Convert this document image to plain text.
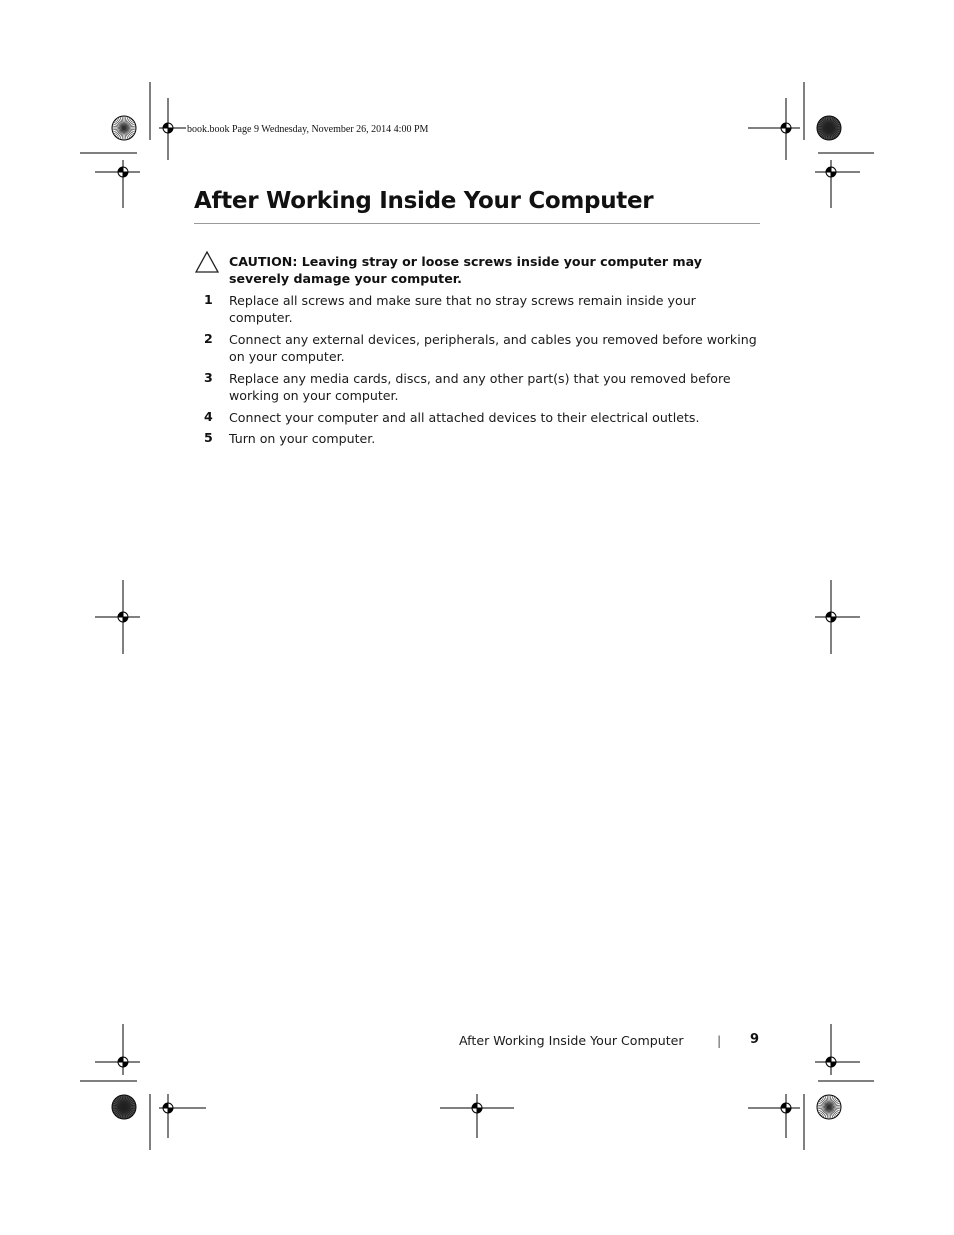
book.book Page 9 Wednesday, November 26, 2014 4:00 PM
After Working Inside Your Computer
CAUTION: Leaving stray or loose screws inside your computer may severely damage your computer.
1 Replace all screws and make sure that no stray screws remain inside your computer.
2 Connect any external devices, peripherals, and cables you removed before working on your computer.
3 Replace any media cards, discs, and any other part(s) that you removed before working on your computer.
4 Connect your computer and all attached devices to their electrical outlets.
5 Turn on your computer.
After Working Inside Your Computer	| 9
